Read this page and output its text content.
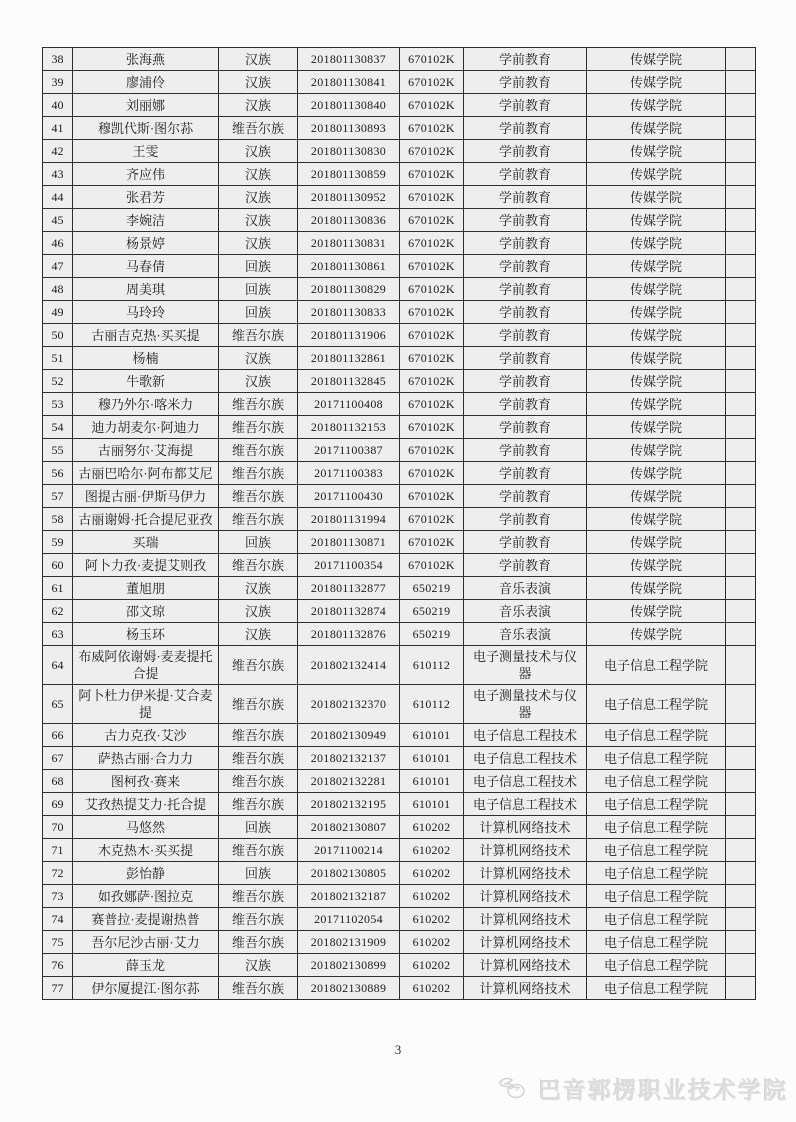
38	张海燕	汉族	201801130837	670102K	学前教育	传媒学院	
39	廖浦伶	汉族	201801130841	670102K	学前教育	传媒学院	
40	刘丽娜	汉族	201801130840	670102K	学前教育	传媒学院	
41	穆凯代斯·图尔荪	维吾尔族	201801130893	670102K	学前教育	传媒学院	
42	王雯	汉族	201801130830	670102K	学前教育	传媒学院	
43	齐应伟	汉族	201801130859	670102K	学前教育	传媒学院	
44	张君芳	汉族	201801130952	670102K	学前教育	传媒学院	
45	李婉洁	汉族	201801130836	670102K	学前教育	传媒学院	
46	杨景婷	汉族	201801130831	670102K	学前教育	传媒学院	
47	马春倩	回族	201801130861	670102K	学前教育	传媒学院	
48	周美琪	回族	201801130829	670102K	学前教育	传媒学院	
49	马玲玲	回族	201801130833	670102K	学前教育	传媒学院	
50	古丽吉克热·买买提	维吾尔族	201801131906	670102K	学前教育	传媒学院	
51	杨楠	汉族	201801132861	670102K	学前教育	传媒学院	
52	牛歌新	汉族	201801132845	670102K	学前教育	传媒学院	
53	穆乃外尔·喀米力	维吾尔族	20171100408	670102K	学前教育	传媒学院	
54	迪力胡麦尔·阿迪力	维吾尔族	201801132153	670102K	学前教育	传媒学院	
55	古丽努尔·艾海提	维吾尔族	20171100387	670102K	学前教育	传媒学院	
56	古丽巴哈尔·阿布都艾尼	维吾尔族	20171100383	670102K	学前教育	传媒学院	
57	图提古丽·伊斯马伊力	维吾尔族	20171100430	670102K	学前教育	传媒学院	
58	古丽谢姆·托合提尼亚孜	维吾尔族	201801131994	670102K	学前教育	传媒学院	
59	买瑞	回族	201801130871	670102K	学前教育	传媒学院	
60	阿卜力孜·麦提艾则孜	维吾尔族	20171100354	670102K	学前教育	传媒学院	
61	董旭朋	汉族	201801132877	650219	音乐表演	传媒学院	
62	邵文琼	汉族	201801132874	650219	音乐表演	传媒学院	
63	杨玉环	汉族	201801132876	650219	音乐表演	传媒学院	
64	布威阿依谢姆·麦麦提托合提	维吾尔族	201802132414	610112	电子测量技术与仪器	电子信息工程学院	
65	阿卜杜力伊米提·艾合麦提	维吾尔族	201802132370	610112	电子测量技术与仪器	电子信息工程学院	
66	古力克孜·艾沙	维吾尔族	201802130949	610101	电子信息工程技术	电子信息工程学院	
67	萨热古丽·合力力	维吾尔族	201802132137	610101	电子信息工程技术	电子信息工程学院	
68	图柯孜·赛来	维吾尔族	201802132281	610101	电子信息工程技术	电子信息工程学院	
69	艾孜热提艾力·托合提	维吾尔族	201802132195	610101	电子信息工程技术	电子信息工程学院	
70	马悠然	回族	201802130807	610202	计算机网络技术	电子信息工程学院	
71	木克热木·买买提	维吾尔族	20171100214	610202	计算机网络技术	电子信息工程学院	
72	彭怡静	回族	201802130805	610202	计算机网络技术	电子信息工程学院	
73	如孜娜萨·图拉克	维吾尔族	201802132187	610202	计算机网络技术	电子信息工程学院	
74	赛普拉·麦提谢热普	维吾尔族	20171102054	610202	计算机网络技术	电子信息工程学院	
75	吾尔尼沙古丽·艾力	维吾尔族	201802131909	610202	计算机网络技术	电子信息工程学院	
76	薛玉龙	汉族	201802130899	610202	计算机网络技术	电子信息工程学院	
77	伊尔厦提江·图尔荪	维吾尔族	201802130889	610202	计算机网络技术	电子信息工程学院	
3
巴音郭楞职业技术学院
